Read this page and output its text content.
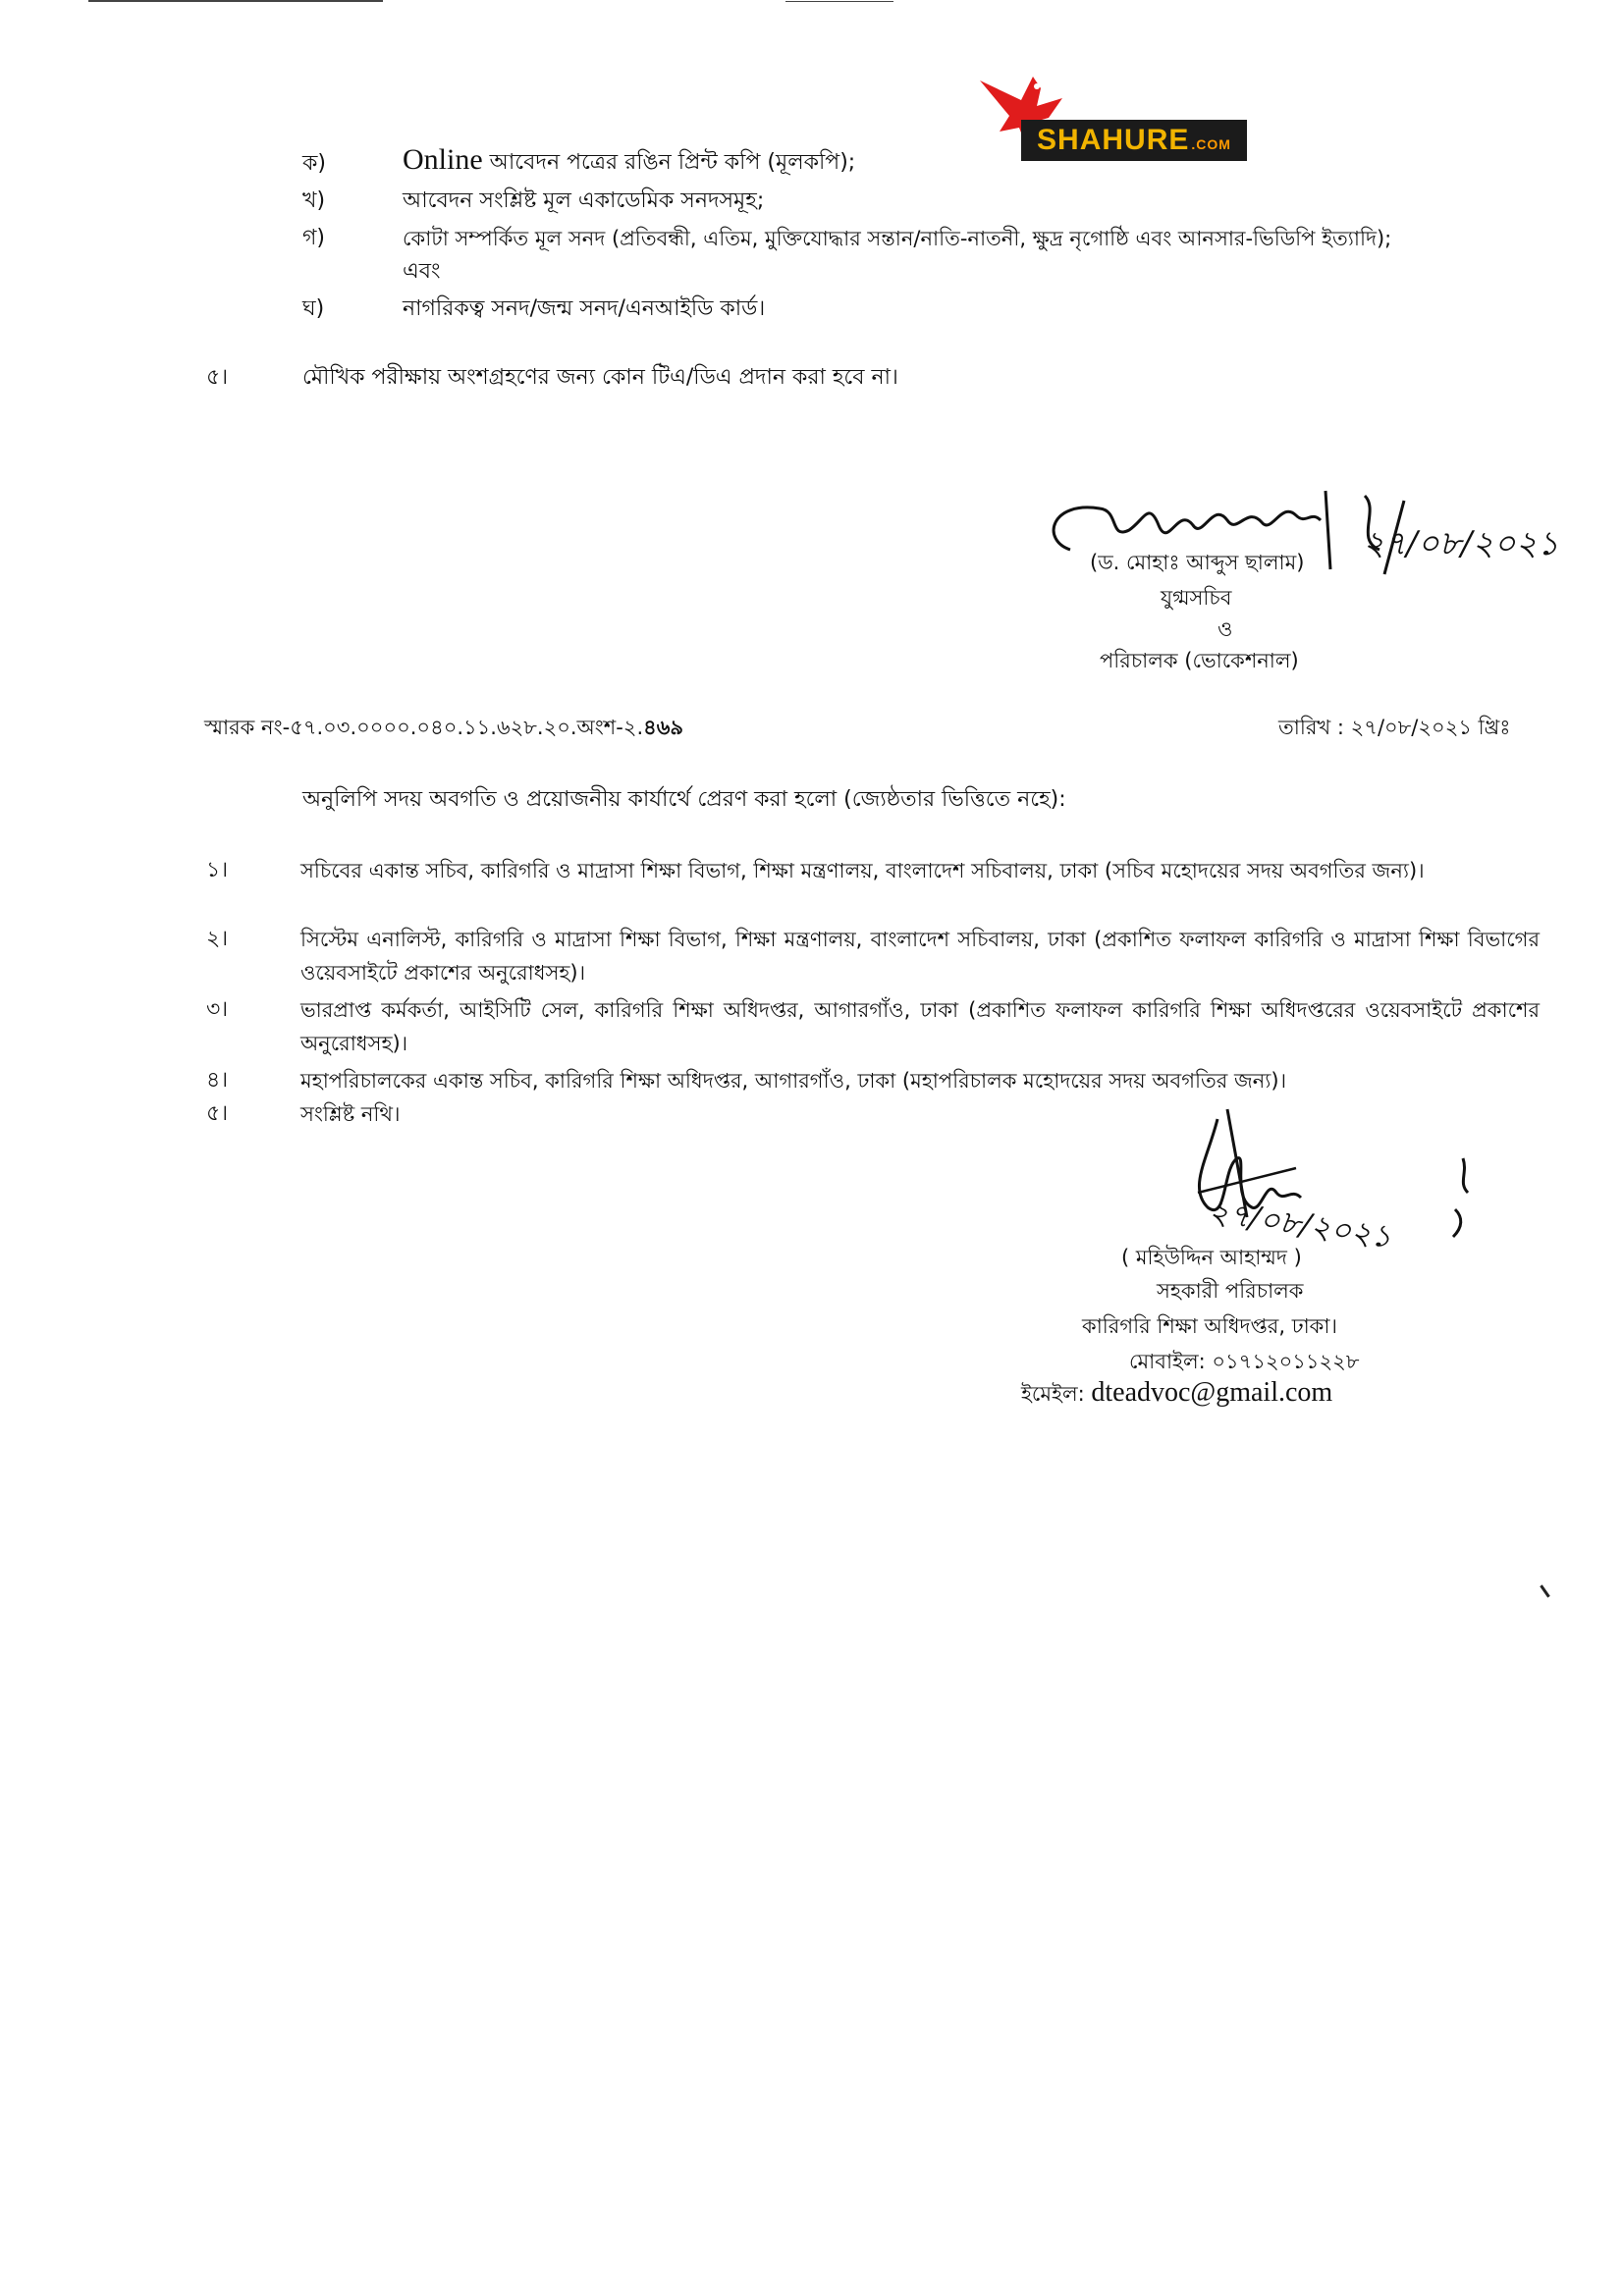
SHAHURE .COM
ক)	Online আবেদন পত্রের রঙিন প্রিন্ট কপি (মূলকপি);
খ)	আবেদন সংশ্লিষ্ট মূল একাডেমিক সনদসমূহ;
গ)	কোটা সম্পর্কিত মূল সনদ (প্রতিবন্ধী, এতিম, মুক্তিযোদ্ধার সন্তান/নাতি-নাতনী, ক্ষুদ্র নৃগোষ্ঠি এবং আনসার-ভিডিপি ইত্যাদি);
এবং
ঘ)	নাগরিকত্ব সনদ/জন্ম সনদ/এনআইডি কার্ড।
৫।	মৌখিক পরীক্ষায় অংশগ্রহণের জন্য কোন টিএ/ডিএ প্রদান করা হবে না।
২৭/০৮/২০২১
(ড. মোহাঃ আব্দুস ছালাম)
যুগ্মসচিব
ও
পরিচালক (ভোকেশনাল)
স্মারক নং-৫৭.০৩.০০০০.০৪০.১১.৬২৮.২০.অংশ-২.৪৬৯	তারিখ : ২৭/০৮/২০২১ খ্রিঃ
অনুলিপি সদয় অবগতি ও প্রয়োজনীয় কার্যার্থে প্রেরণ করা হলো (জ্যেষ্ঠতার ভিত্তিতে নহে):
১।	সচিবের একান্ত সচিব, কারিগরি ও মাদ্রাসা শিক্ষা বিভাগ, শিক্ষা মন্ত্রণালয়, বাংলাদেশ সচিবালয়, ঢাকা (সচিব মহোদয়ের সদয় অবগতির জন্য)।
২।	সিস্টেম এনালিস্ট, কারিগরি ও মাদ্রাসা শিক্ষা বিভাগ, শিক্ষা মন্ত্রণালয়, বাংলাদেশ সচিবালয়, ঢাকা (প্রকাশিত ফলাফল কারিগরি ও মাদ্রাসা শিক্ষা বিভাগের ওয়েবসাইটে প্রকাশের অনুরোধসহ)।
৩।	ভারপ্রাপ্ত কর্মকর্তা, আইসিটি সেল, কারিগরি শিক্ষা অধিদপ্তর, আগারগাঁও, ঢাকা (প্রকাশিত ফলাফল কারিগরি শিক্ষা অধিদপ্তরের ওয়েবসাইটে প্রকাশের অনুরোধসহ)।
৪।	মহাপরিচালকের একান্ত সচিব, কারিগরি শিক্ষা অধিদপ্তর, আগারগাঁও, ঢাকা (মহাপরিচালক মহোদয়ের সদয় অবগতির জন্য)।
৫।	সংশ্লিষ্ট নথি।
২৭/০৮/২০২১
( মহিউদ্দিন আহাম্মদ )
সহকারী পরিচালক
কারিগরি শিক্ষা অধিদপ্তর, ঢাকা।
মোবাইল: ০১৭১২০১১২২৮
ইমেইল: dteadvoc@gmail.com
